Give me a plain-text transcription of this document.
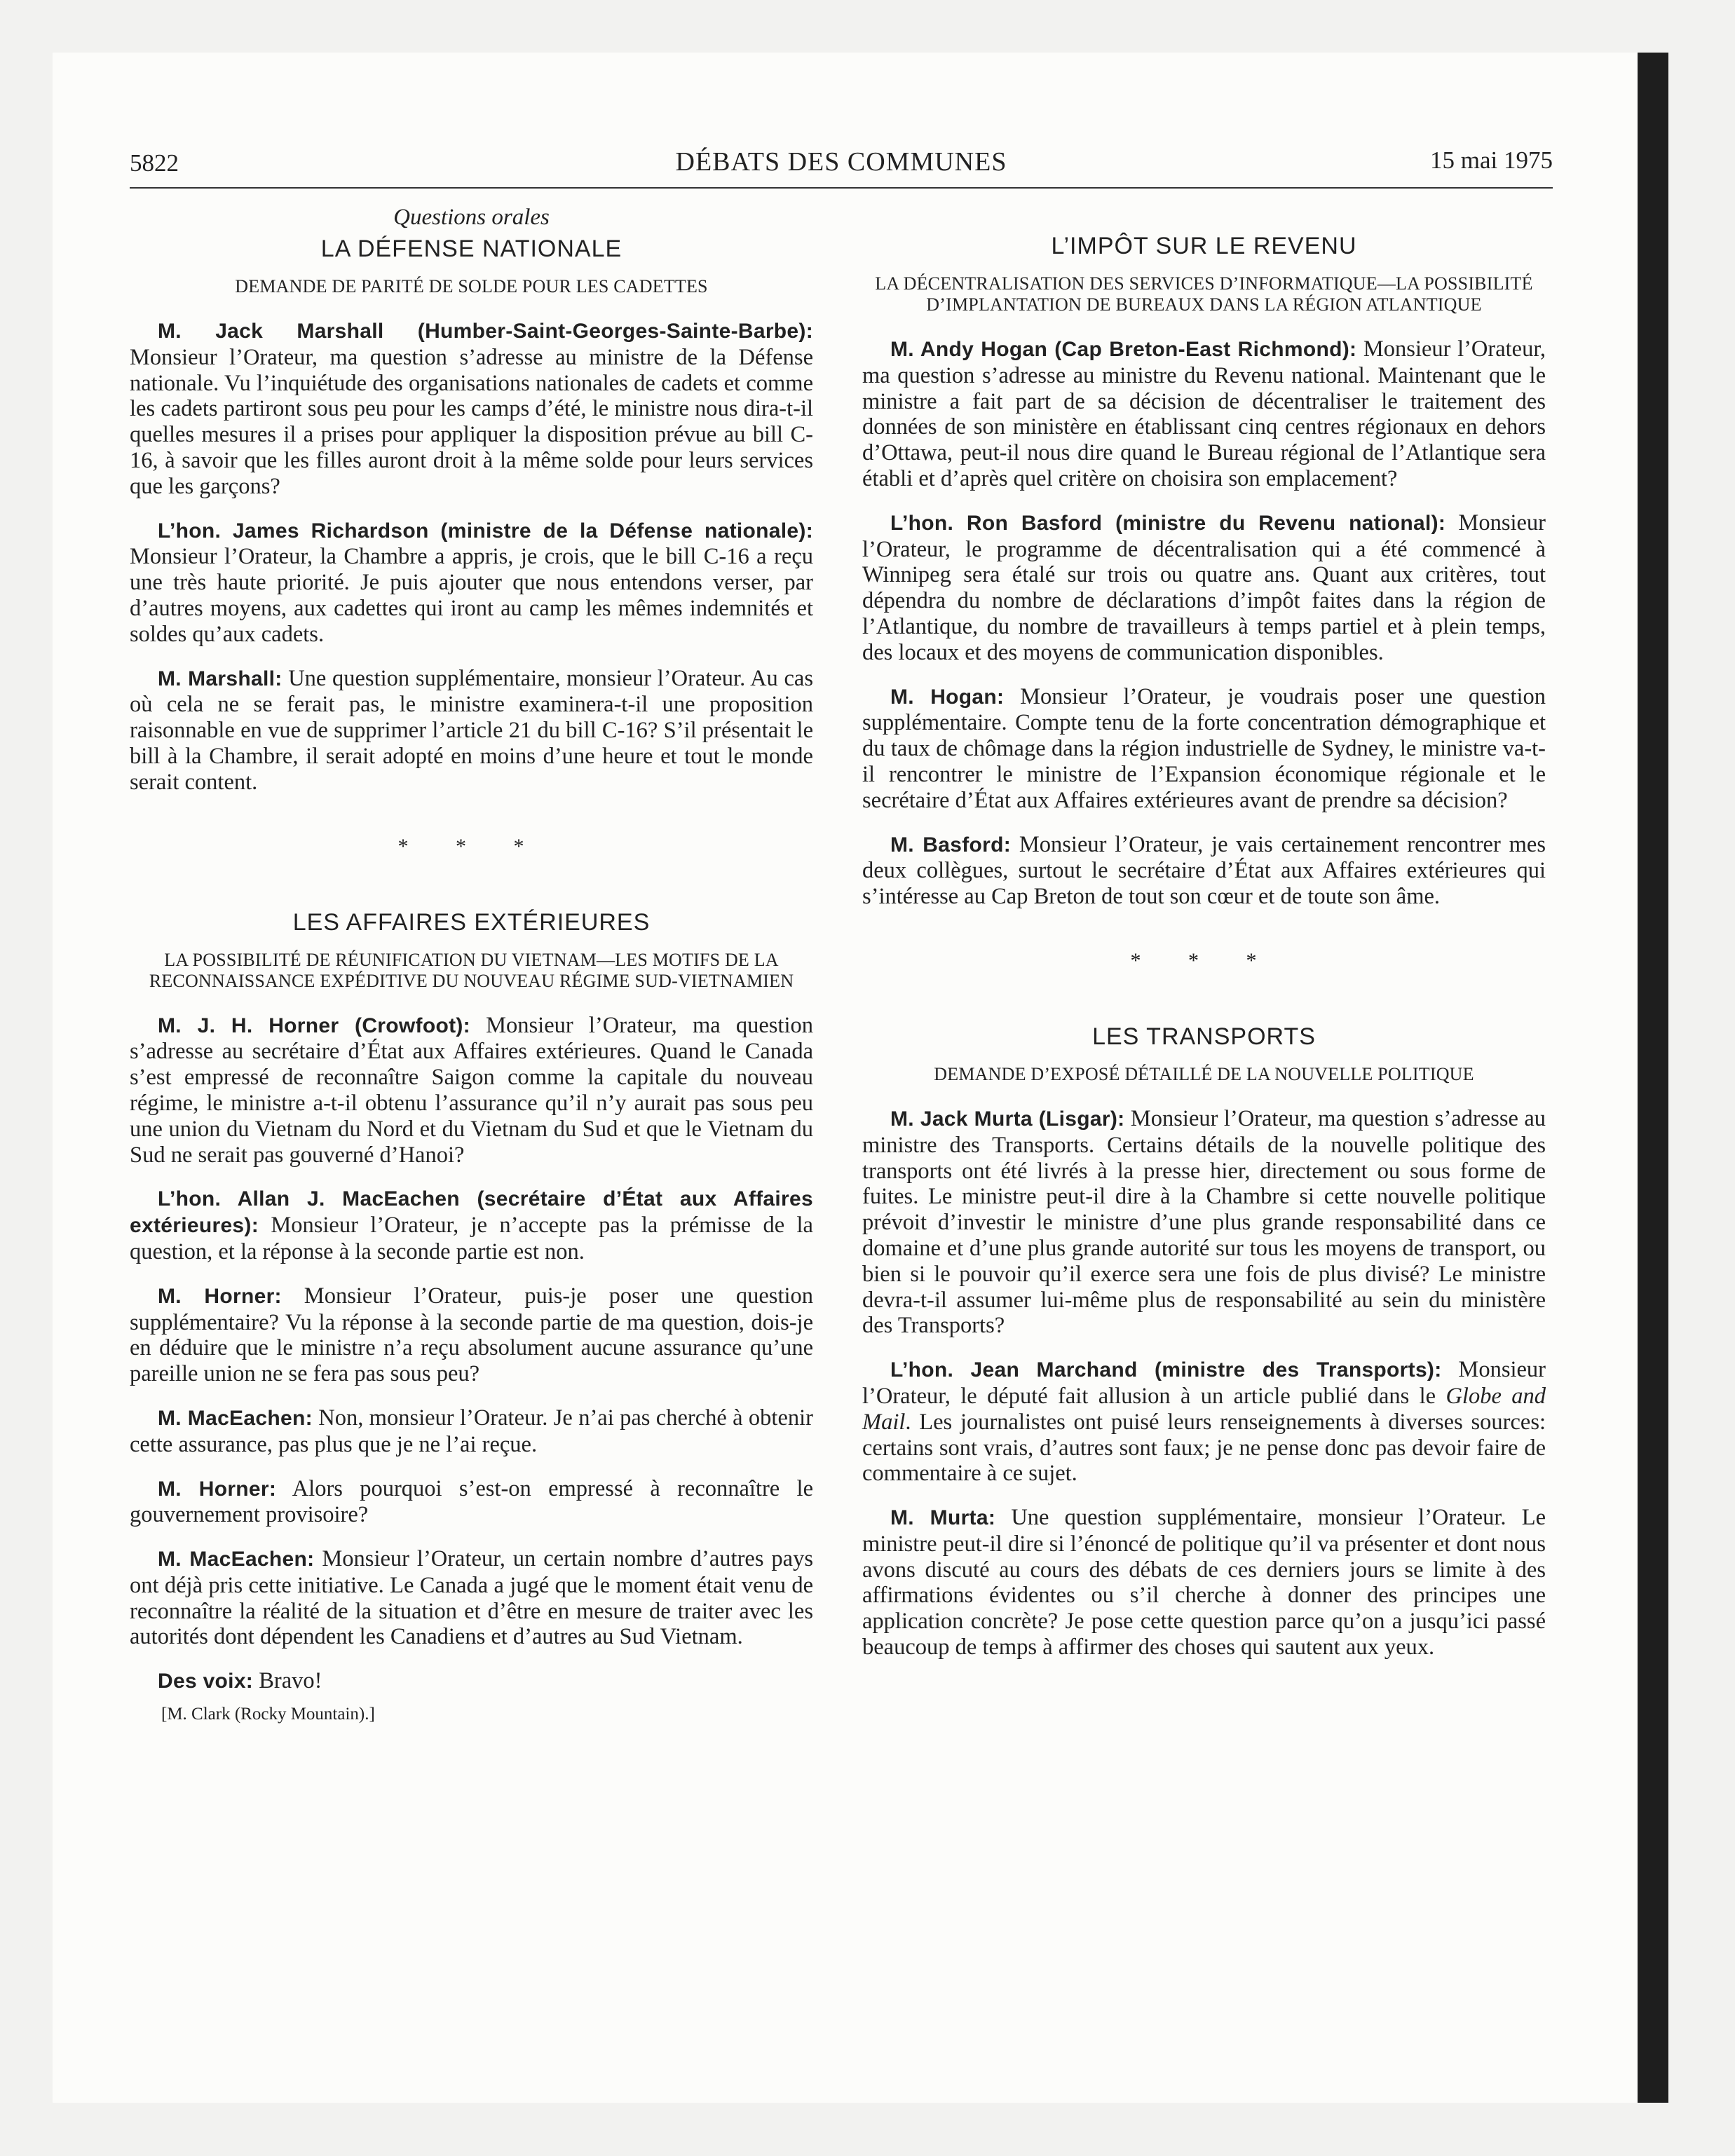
5822	DÉBATS DES COMMUNES	15 mai 1975
Questions orales
LA DÉFENSE NATIONALE
DEMANDE DE PARITÉ DE SOLDE POUR LES CADETTES

M. Jack Marshall (Humber-Saint-Georges-Sainte-Barbe): Monsieur l’Orateur, ma question s’adresse au ministre de la Défense nationale. Vu l’inquiétude des organisations nationales de cadets et comme les cadets partiront sous peu pour les camps d’été, le ministre nous dira-t-il quelles mesures il a prises pour appliquer la disposition prévue au bill C-16, à savoir que les filles auront droit à la même solde pour leurs services que les garçons?

L’hon. James Richardson (ministre de la Défense nationale): Monsieur l’Orateur, la Chambre a appris, je crois, que le bill C-16 a reçu une très haute priorité. Je puis ajouter que nous entendons verser, par d’autres moyens, aux cadettes qui iront au camp les mêmes indemnités et soldes qu’aux cadets.

M. Marshall: Une question supplémentaire, monsieur l’Orateur. Au cas où cela ne se ferait pas, le ministre examinera-t-il une proposition raisonnable en vue de supprimer l’article 21 du bill C-16? S’il présentait le bill à la Chambre, il serait adopté en moins d’une heure et tout le monde serait content.

* * *
LES AFFAIRES EXTÉRIEURES
LA POSSIBILITÉ DE RÉUNIFICATION DU VIETNAM—LES MOTIFS DE LA RECONNAISSANCE EXPÉDITIVE DU NOUVEAU RÉGIME SUD-VIETNAMIEN

M. J. H. Horner (Crowfoot): Monsieur l’Orateur, ma question s’adresse au secrétaire d’État aux Affaires extérieures. Quand le Canada s’est empressé de reconnaître Saigon comme la capitale du nouveau régime, le ministre a-t-il obtenu l’assurance qu’il n’y aurait pas sous peu une union du Vietnam du Nord et du Vietnam du Sud et que le Vietnam du Sud ne serait pas gouverné d’Hanoi?

L’hon. Allan J. MacEachen (secrétaire d’État aux Affaires extérieures): Monsieur l’Orateur, je n’accepte pas la prémisse de la question, et la réponse à la seconde partie est non.

M. Horner: Monsieur l’Orateur, puis-je poser une question supplémentaire? Vu la réponse à la seconde partie de ma question, dois-je en déduire que le ministre n’a reçu absolument aucune assurance qu’une pareille union ne se fera pas sous peu?

M. MacEachen: Non, monsieur l’Orateur. Je n’ai pas cherché à obtenir cette assurance, pas plus que je ne l’ai reçue.

M. Horner: Alors pourquoi s’est-on empressé à reconnaître le gouvernement provisoire?

M. MacEachen: Monsieur l’Orateur, un certain nombre d’autres pays ont déjà pris cette initiative. Le Canada a jugé que le moment était venu de reconnaître la réalité de la situation et d’être en mesure de traiter avec les autorités dont dépendent les Canadiens et d’autres au Sud Vietnam.

Des voix: Bravo!

[M. Clark (Rocky Mountain).]
L’IMPÔT SUR LE REVENU
LA DÉCENTRALISATION DES SERVICES D’INFORMATIQUE—LA POSSIBILITÉ D’IMPLANTATION DE BUREAUX DANS LA RÉGION ATLANTIQUE

M. Andy Hogan (Cap Breton-East Richmond): Monsieur l’Orateur, ma question s’adresse au ministre du Revenu national. Maintenant que le ministre a fait part de sa décision de décentraliser le traitement des données de son ministère en établissant cinq centres régionaux en dehors d’Ottawa, peut-il nous dire quand le Bureau régional de l’Atlantique sera établi et d’après quel critère on choisira son emplacement?

L’hon. Ron Basford (ministre du Revenu national): Monsieur l’Orateur, le programme de décentralisation qui a été commencé à Winnipeg sera étalé sur trois ou quatre ans. Quant aux critères, tout dépendra du nombre de déclarations d’impôt faites dans la région de l’Atlantique, du nombre de travailleurs à temps partiel et à plein temps, des locaux et des moyens de communication disponibles.

M. Hogan: Monsieur l’Orateur, je voudrais poser une question supplémentaire. Compte tenu de la forte concentration démographique et du taux de chômage dans la région industrielle de Sydney, le ministre va-t-il rencontrer le ministre de l’Expansion économique régionale et le secrétaire d’État aux Affaires extérieures avant de prendre sa décision?

M. Basford: Monsieur l’Orateur, je vais certainement rencontrer mes deux collègues, surtout le secrétaire d’État aux Affaires extérieures qui s’intéresse au Cap Breton de tout son cœur et de toute son âme.

* * *
LES TRANSPORTS
DEMANDE D’EXPOSÉ DÉTAILLÉ DE LA NOUVELLE POLITIQUE

M. Jack Murta (Lisgar): Monsieur l’Orateur, ma question s’adresse au ministre des Transports. Certains détails de la nouvelle politique des transports ont été livrés à la presse hier, directement ou sous forme de fuites. Le ministre peut-il dire à la Chambre si cette nouvelle politique prévoit d’investir le ministre d’une plus grande responsabilité dans ce domaine et d’une plus grande autorité sur tous les moyens de transport, ou bien si le pouvoir qu’il exerce sera une fois de plus divisé? Le ministre devra-t-il assumer lui-même plus de responsabilité au sein du ministère des Transports?

L’hon. Jean Marchand (ministre des Transports): Monsieur l’Orateur, le député fait allusion à un article publié dans le Globe and Mail. Les journalistes ont puisé leurs renseignements à diverses sources: certains sont vrais, d’autres sont faux; je ne pense donc pas devoir faire de commentaire à ce sujet.

M. Murta: Une question supplémentaire, monsieur l’Orateur. Le ministre peut-il dire si l’énoncé de politique qu’il va présenter et dont nous avons discuté au cours des débats de ces derniers jours se limite à des affirmations évidentes ou s’il cherche à donner des principes une application concrète? Je pose cette question parce qu’on a jusqu’ici passé beaucoup de temps à affirmer des choses qui sautent aux yeux.
